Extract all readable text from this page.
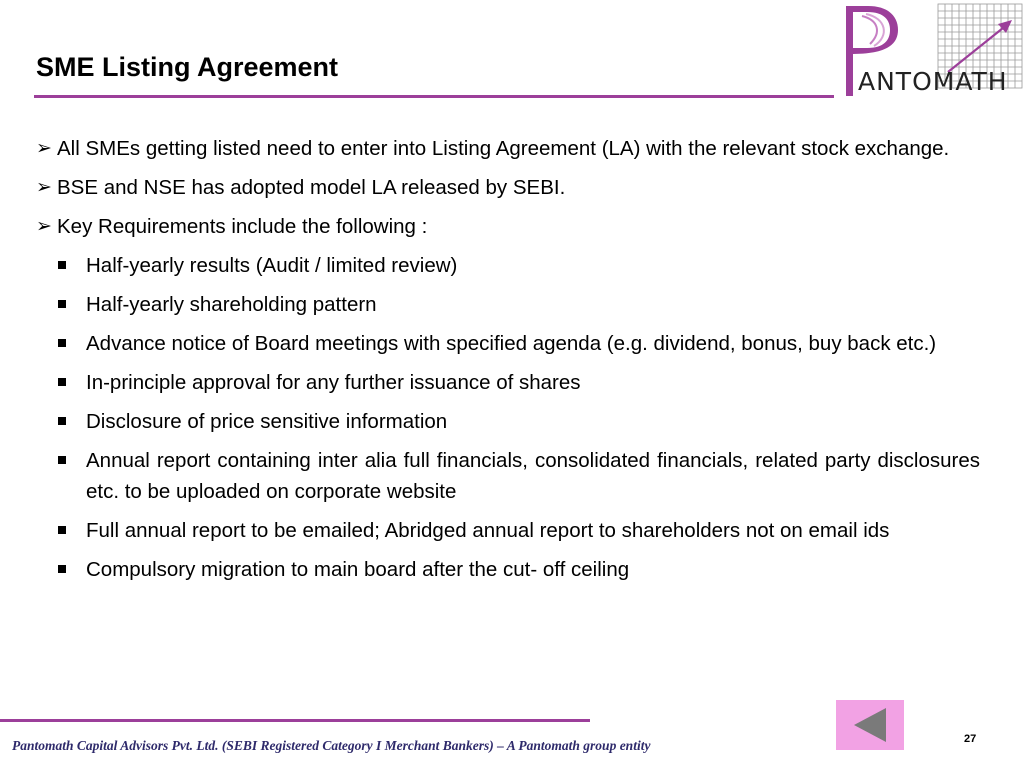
SME Listing Agreement	ANTOMATH
➢ All SMEs getting listed need to enter into Listing Agreement (LA) with the relevant stock exchange.
➢ BSE and NSE has adopted model LA released by SEBI.
➢ Key Requirements include the following :
Half-yearly results (Audit / limited review)
Half-yearly shareholding pattern
Advance notice of Board meetings with specified agenda (e.g. dividend, bonus, buy back etc.)
In-principle approval for any further issuance of shares
Disclosure of price sensitive information
Annual report containing inter alia full financials, consolidated financials, related party disclosures etc. to be uploaded on corporate website
Full annual report to be emailed; Abridged annual report to shareholders not on email ids
Compulsory migration to main board after the cut- off ceiling
Pantomath Capital Advisors Pvt. Ltd. (SEBI Registered Category I Merchant Bankers) – A Pantomath group entity	27
